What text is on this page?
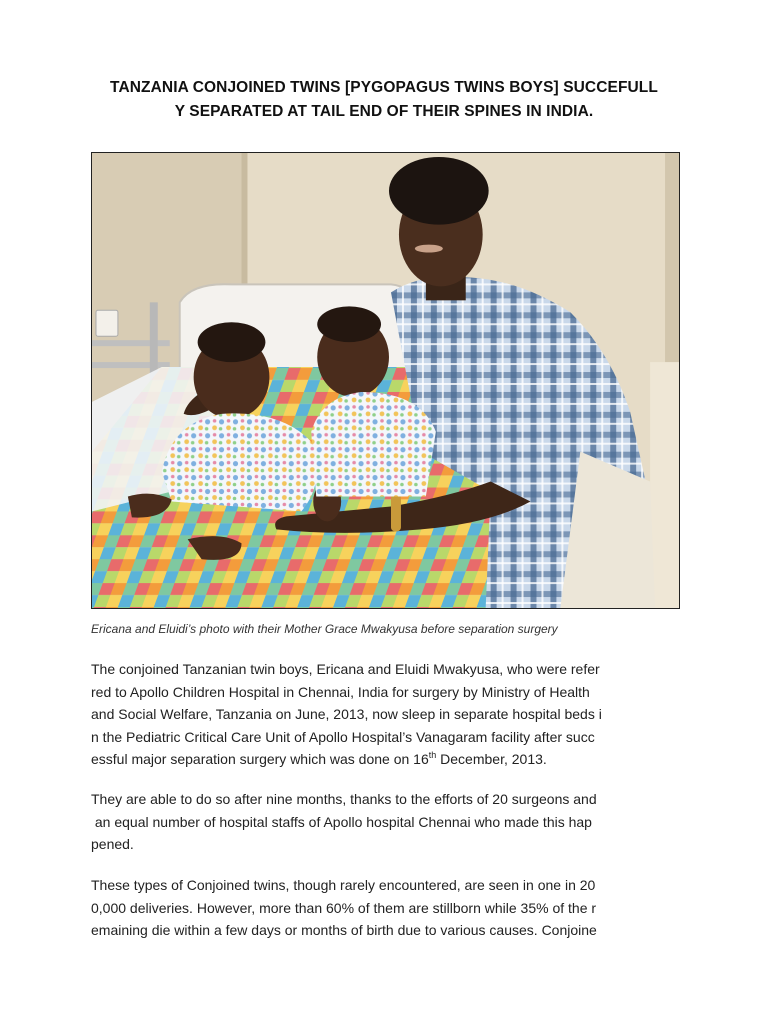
TANZANIA CONJOINED TWINS [PYGOPAGUS TWINS BOYS] SUCCEFULL
Y SEPARATED AT TAIL END OF THEIR SPINES IN INDIA.
Ericana and Eluidi’s photo with their Mother Grace Mwakyusa before separation surgery
The conjoined Tanzanian twin boys, Ericana and Eluidi Mwakyusa, who were refer
red to Apollo Children Hospital in Chennai, India for surgery by Ministry of Health
and Social Welfare, Tanzania on June, 2013, now sleep in separate hospital beds i
n the Pediatric Critical Care Unit of Apollo Hospital’s Vanagaram facility after succ
essful major separation surgery which was done on 16th December, 2013.
They are able to do so after nine months, thanks to the efforts of 20 surgeons and
an equal number of hospital staffs of Apollo hospital Chennai who made this hap
pened.
These types of Conjoined twins, though rarely encountered, are seen in one in 20
0,000 deliveries. However, more than 60% of them are stillborn while 35% of the r
emaining die within a few days or months of birth due to various causes. Conjoine
